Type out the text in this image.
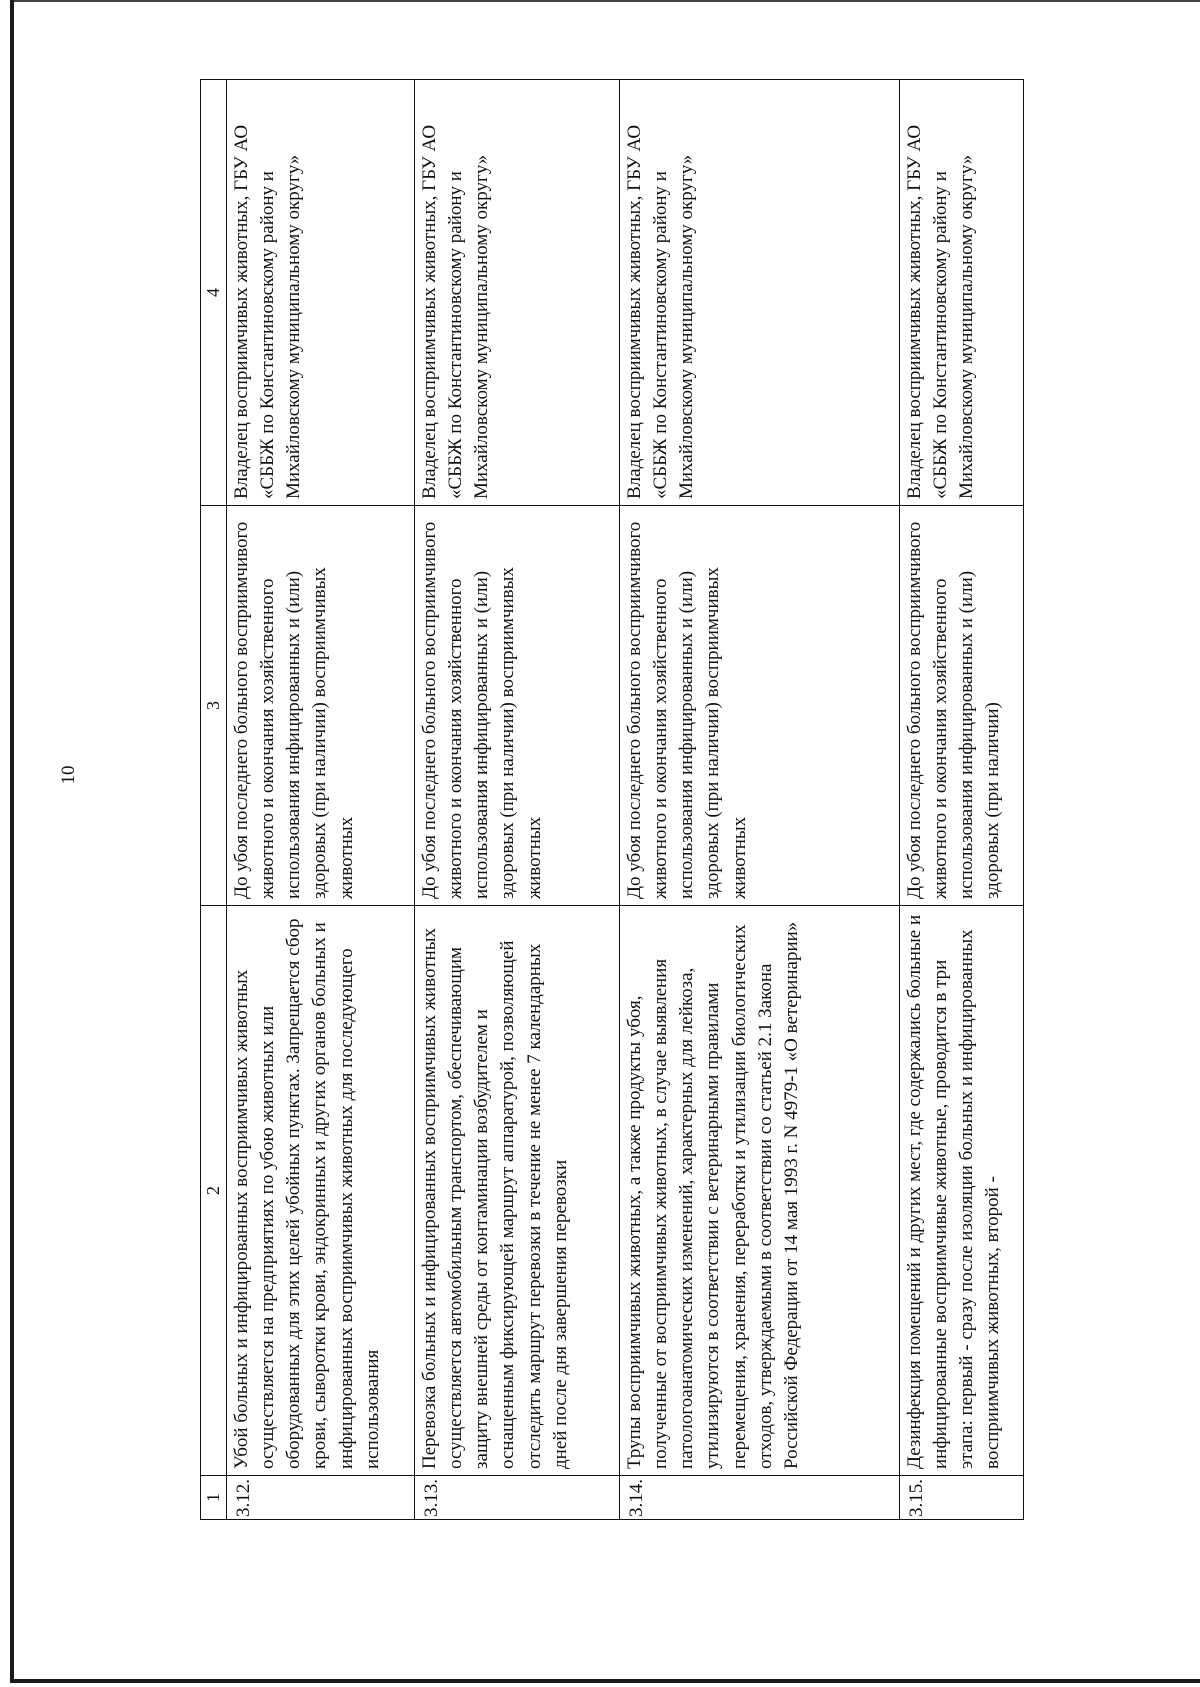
10
1	2	3	4
3.12.	Убой больных и инфицированных восприимчивых животных осуществляется на предприятиях по убою животных или оборудованных для этих целей убойных пунктах. Запрещается сбор крови, сыворотки крови, эндокринных и других органов больных и инфицированных восприимчивых животных для последующего использования	До убоя последнего больного восприимчивого животного и окончания хозяйственного использования инфицированных и (или) здоровых (при наличии) восприимчивых животных	Владелец восприимчивых животных, ГБУ АО «СББЖ по Константиновскому району и Михайловскому муниципальному округу»
3.13.	Перевозка больных и инфицированных восприимчивых животных осуществляется автомобильным транспортом, обеспечивающим защиту внешней среды от контаминации возбудителем и оснащенным фиксирующей маршрут аппаратурой, позволяющей отследить маршрут перевозки в течение не менее 7 календарных дней после дня завершения перевозки	До убоя последнего больного восприимчивого животного и окончания хозяйственного использования инфицированных и (или) здоровых (при наличии) восприимчивых животных	Владелец восприимчивых животных, ГБУ АО «СББЖ по Константиновскому району и Михайловскому муниципальному округу»
3.14.	Трупы восприимчивых животных, а также продукты убоя, полученные от восприимчивых животных, в случае выявления патологоанатомических изменений, характерных для лейкоза, утилизируются в соответствии с ветеринарными правилами перемещения, хранения, переработки и утилизации биологических отходов, утверждаемыми в соответствии со статьей 2.1 Закона Российской Федерации от 14 мая 1993 г. N 4979-1 «О ветеринарии»	До убоя последнего больного восприимчивого животного и окончания хозяйственного использования инфицированных и (или) здоровых (при наличии) восприимчивых животных	Владелец восприимчивых животных, ГБУ АО «СББЖ по Константиновскому району и Михайловскому муниципальному округу»
3.15.	Дезинфекция помещений и других мест, где содержались больные и инфицированные восприимчивые животные, проводится в три этапа: первый - сразу после изоляции больных и инфицированных восприимчивых животных, второй -	До убоя последнего больного восприимчивого животного и окончания хозяйственного использования инфицированных и (или) здоровых (при наличии)	Владелец восприимчивых животных, ГБУ АО «СББЖ по Константиновскому району и Михайловскому муниципальному округу»
